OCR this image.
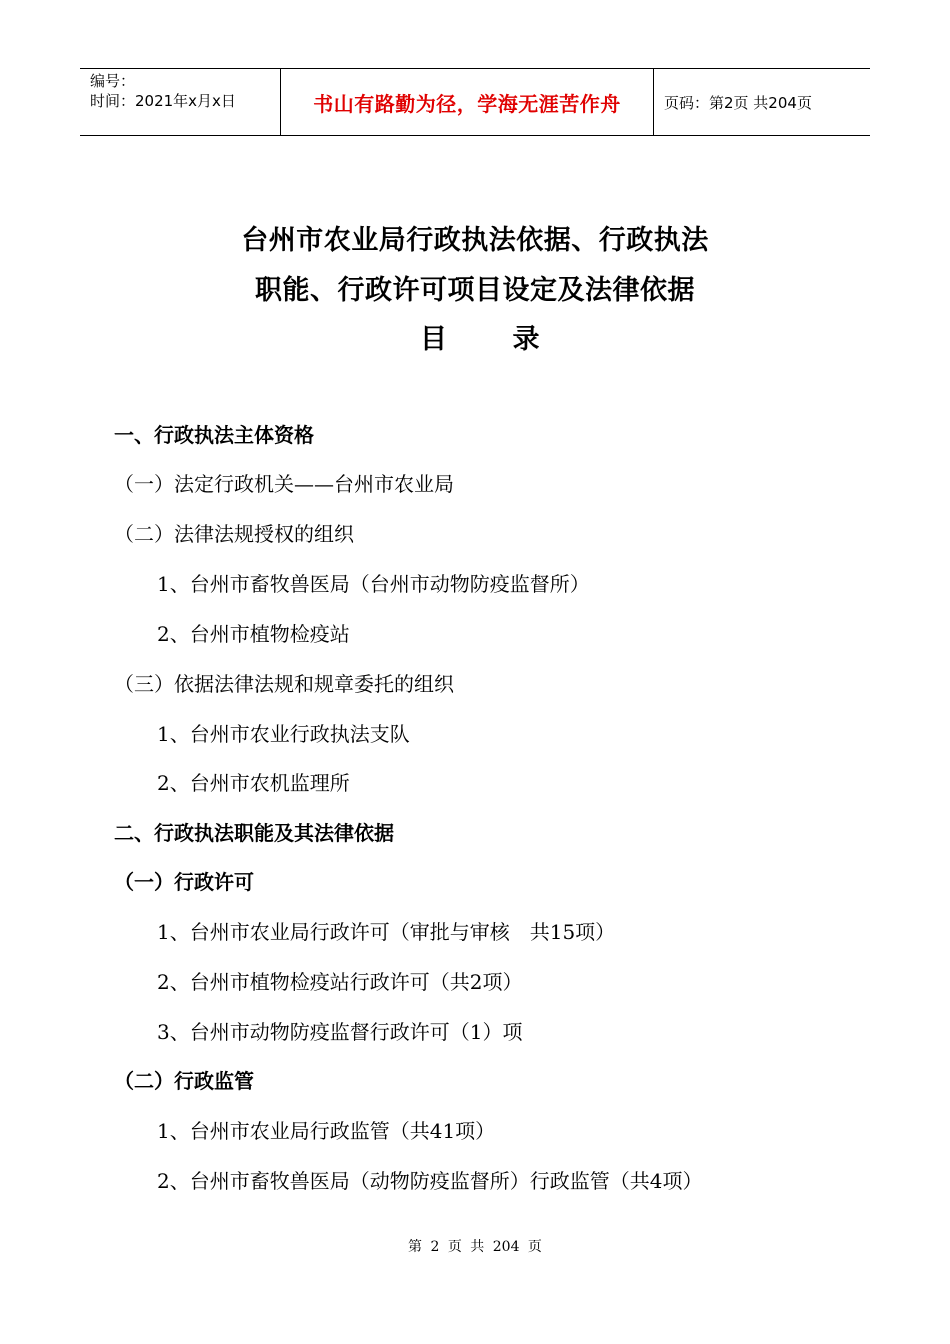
编号：
时间：2021年x月x日	书山有路勤为径，学海无涯苦作舟	页码：第2页 共204页
台州市农业局行政执法依据、行政执法
职能、行政许可项目设定及法律依据
目 录
一、行政执法主体资格
（一）法定行政机关——台州市农业局
（二）法律法规授权的组织
1、台州市畜牧兽医局（台州市动物防疫监督所）
2、台州市植物检疫站
（三）依据法律法规和规章委托的组织
1、台州市农业行政执法支队
2、台州市农机监理所
二、行政执法职能及其法律依据
（一）行政许可
1、台州市农业局行政许可（审批与审核　共15项）
2、台州市植物检疫站行政许可（共2项）
3、台州市动物防疫监督行政许可（1）项
（二）行政监管
1、台州市农业局行政监管（共41项）
2、台州市畜牧兽医局（动物防疫监督所）行政监管（共4项）
第 2 页 共 204 页
